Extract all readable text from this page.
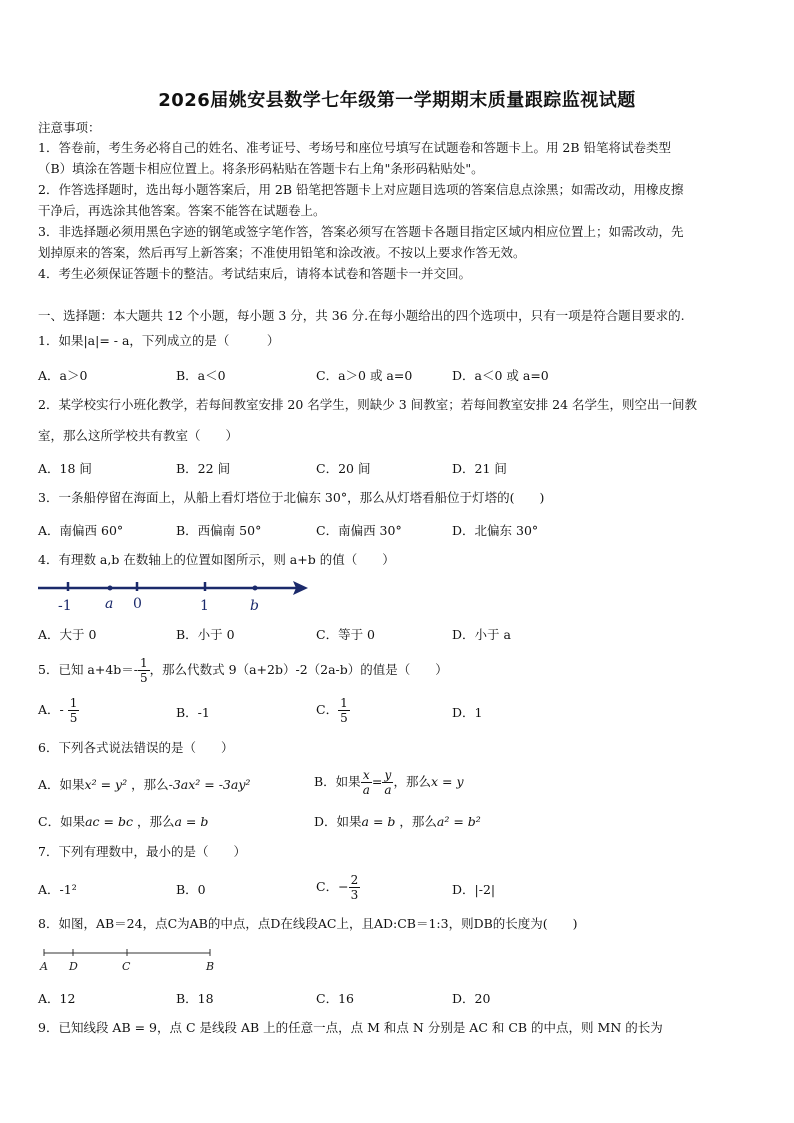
2026届姚安县数学七年级第一学期期末质量跟踪监视试题
注意事项：
1．答卷前，考生务必将自己的姓名、准考证号、考场号和座位号填写在试题卷和答题卡上。用 2B 铅笔将试卷类型
（B）填涂在答题卡相应位置上。将条形码粘贴在答题卡右上角"条形码粘贴处"。
2．作答选择题时，选出每小题答案后，用 2B 铅笔把答题卡上对应题目选项的答案信息点涂黑；如需改动，用橡皮擦
干净后，再选涂其他答案。答案不能答在试题卷上。
3．非选择题必须用黑色字迹的钢笔或签字笔作答，答案必须写在答题卡各题目指定区域内相应位置上；如需改动，先
划掉原来的答案，然后再写上新答案；不准使用铅笔和涂改液。不按以上要求作答无效。
4．考生必须保证答题卡的整洁。考试结束后，请将本试卷和答题卡一并交回。
一、选择题：本大题共 12 个小题，每小题 3 分，共 36 分.在每小题给出的四个选项中，只有一项是符合题目要求的.
1．如果|a|= - a，下列成立的是（　　　）
A．a＞0	B．a＜0	C．a＞0 或 a=0	D．a＜0 或 a=0
2．某学校实行小班化教学，若每间教室安排 20 名学生，则缺少 3 间教室；若每间教室安排 24 名学生，则空出一间教
室，那么这所学校共有教室（　　）
A．18 间	B．22 间	C．20 间	D．21 间
3．一条船停留在海面上，从船上看灯塔位于北偏东 30°，那么从灯塔看船位于灯塔的(　　)
A．南偏西 60°	B．西偏南 50°	C．南偏西 30°	D．北偏东 30°
4．有理数 a,b 在数轴上的位置如图所示，则 a+b 的值（　　）
-1 a 0	1	b
A．大于 0	B．小于 0	C．等于 0	D．小于 a
5．已知 $a+4b=- \frac{1}{5}$ ，那么代数式 9（a+2b）-2（2a-b）的值是（　　）
A．- $\frac{1}{5}$	B．-1	C． $\frac{1}{5}$	D．1
6．下列各式说法错误的是（　　）
A．如果x² = y² ，那么-3ax² = -3ay²	B．如果 $\frac{x}{a} = \frac{y}{a}$ ，那么x = y
C．如果ac = bc ，那么a = b	D．如果a = b ，那么a² = b²
7．下列有理数中，最小的是（　　）
A．-1²	B．0	C．− $\frac{2}{3}$	D．|-2|
8．如图，AB＝24，点C为AB的中点，点D在线段AC上，且AD:CB＝1:3，则DB的长度为(　　)
A D	C	B
A．12	B．18	C．16	D．20
9．已知线段 AB = 9，点 C 是线段 AB 上的任意一点，点 M 和点 N 分别是 AC 和 CB 的中点，则 MN 的长为
